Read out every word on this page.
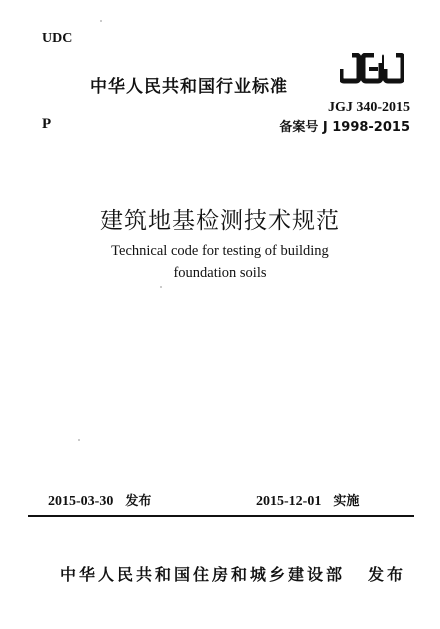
UDC
中华人民共和国行业标准
JGJ 340-2015
备案号 J 1998-2015
P
建筑地基检测技术规范
Technical code for testing of building
foundation soils
2015-03-30 发布	2015-12-01 实施
中华人民共和国住房和城乡建设部 发布
